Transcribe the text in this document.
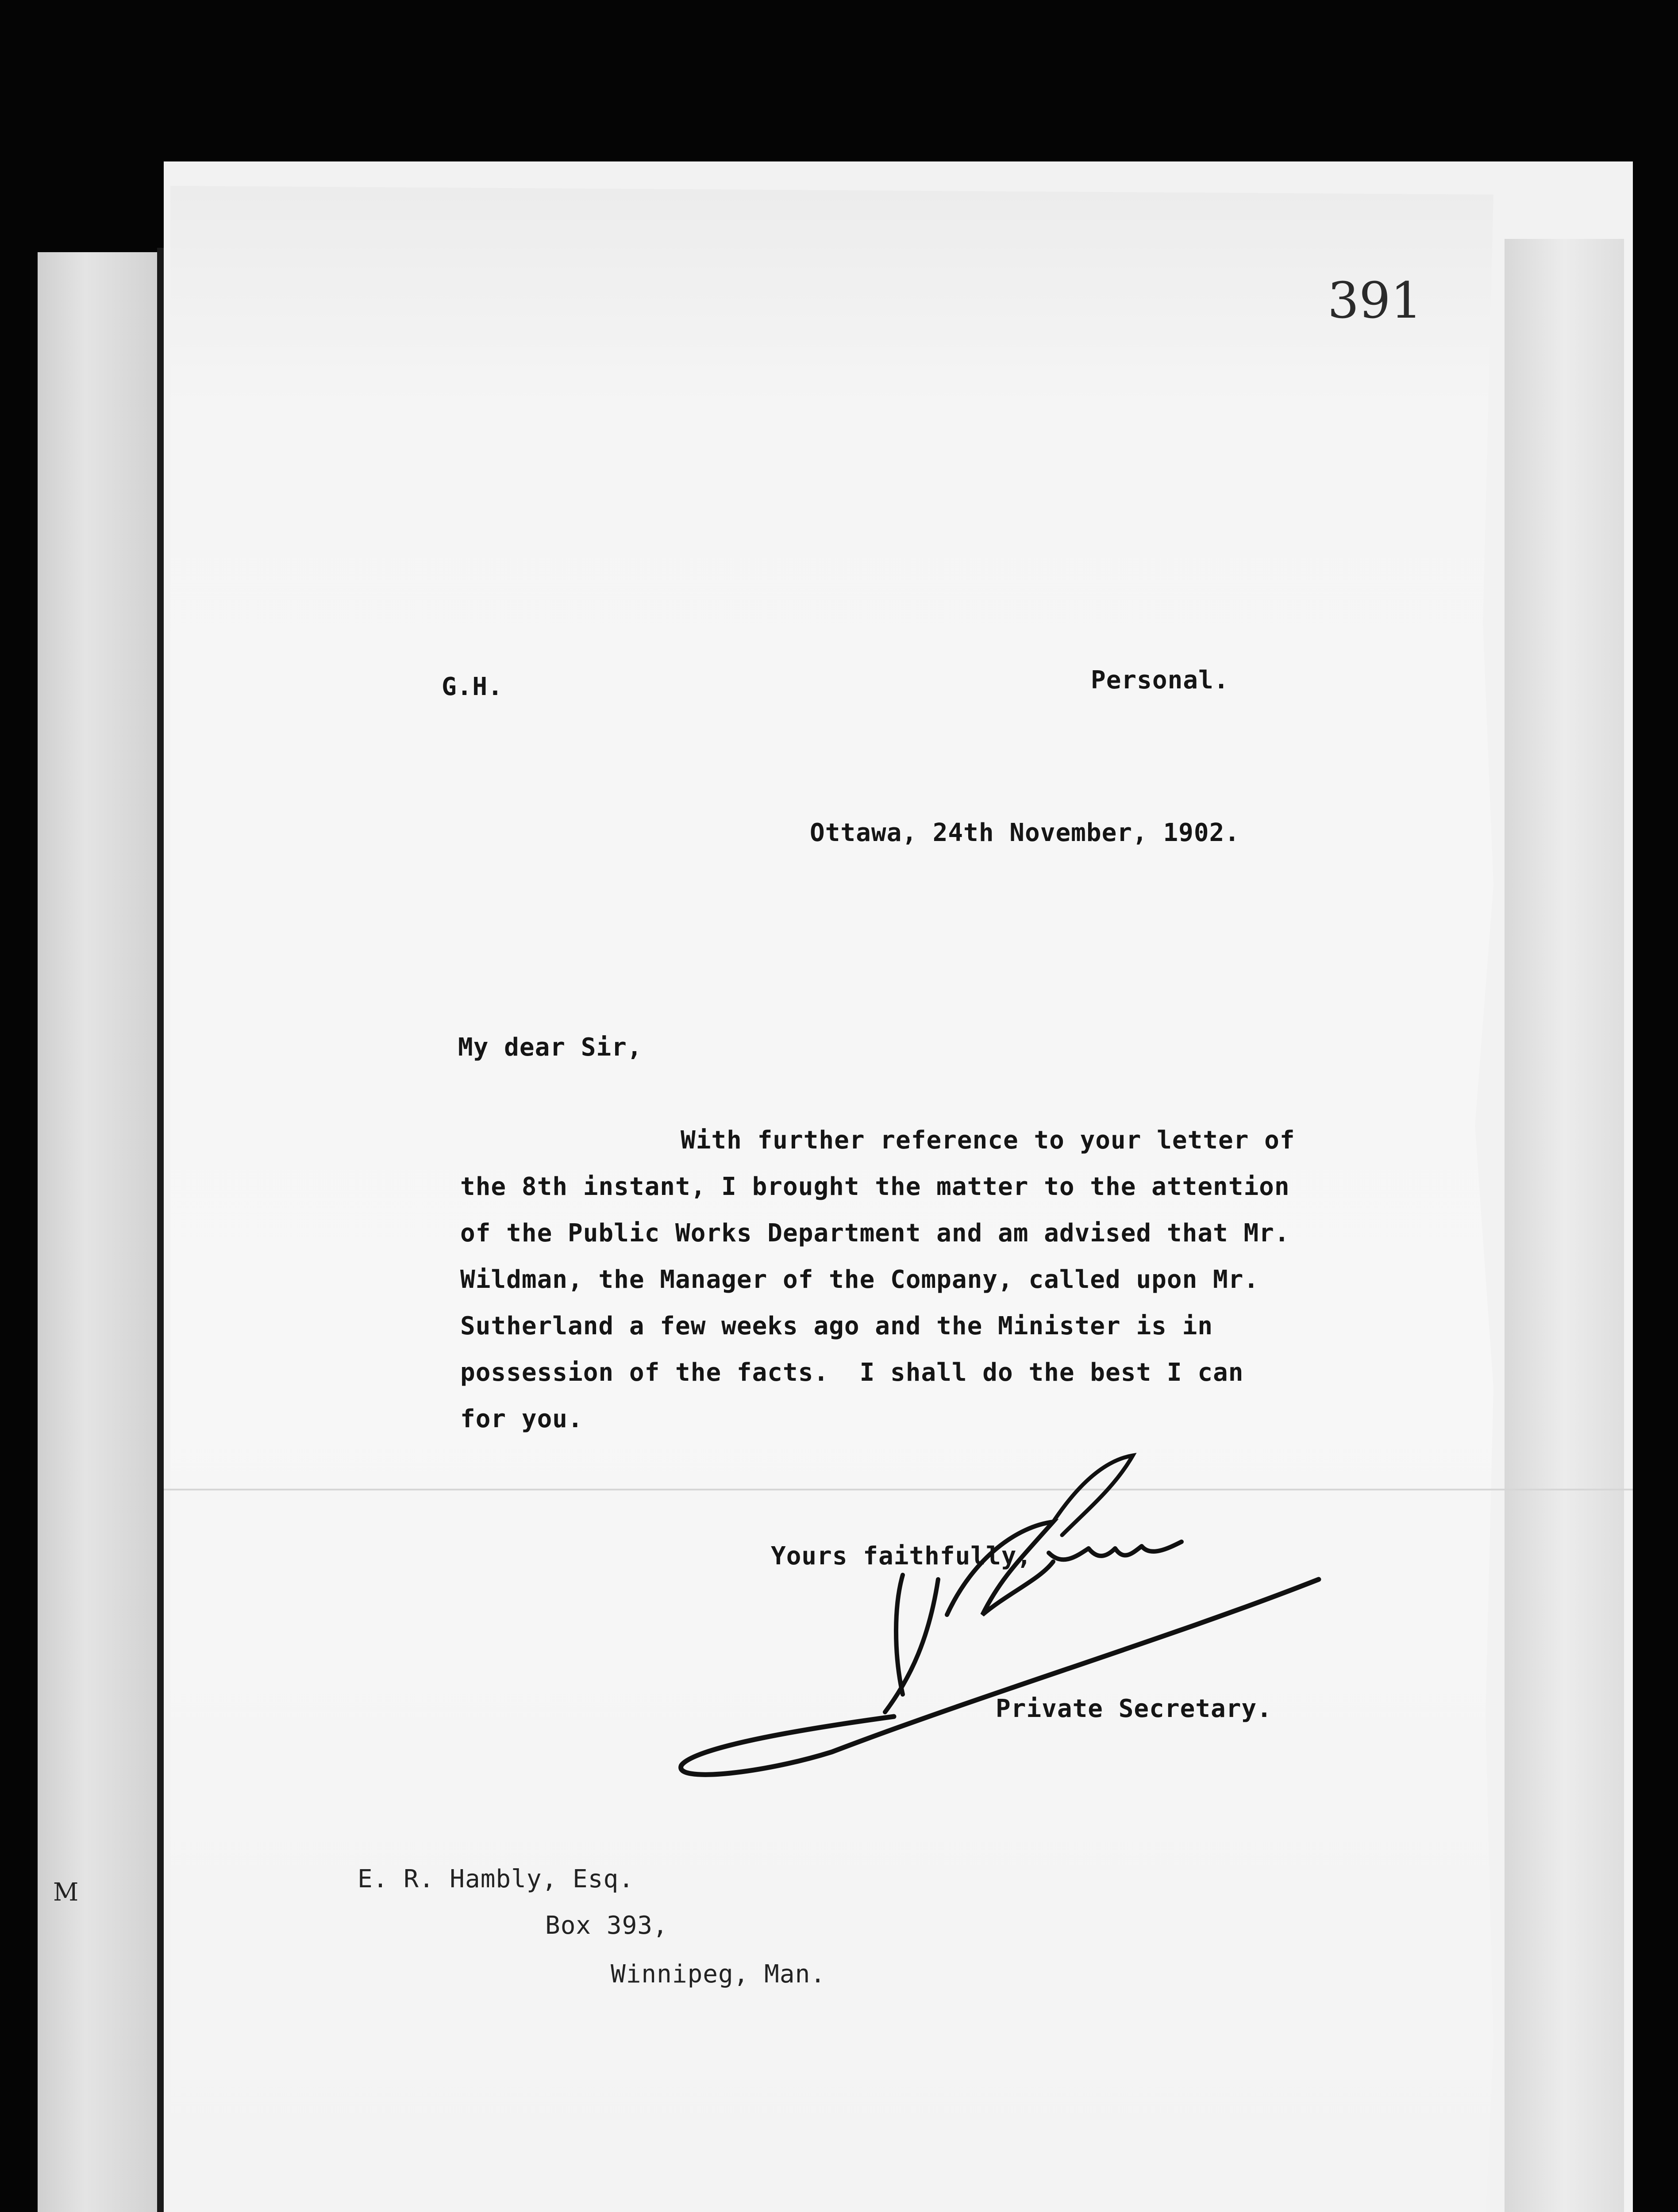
M
391
G.H.	Personal.
Ottawa, 24th November, 1902.
My dear Sir,
With further reference to your letter of
the 8th instant, I brought the matter to the attention
of the Public Works Department and am advised that Mr.
Wildman, the Manager of the Company, called upon Mr.
Sutherland a few weeks ago and the Minister is in
possession of the facts.  I shall do the best I can
for you.
Yours faithfully,
Private Secretary.
E. R. Hambly, Esq.
Box 393,
Winnipeg, Man.
